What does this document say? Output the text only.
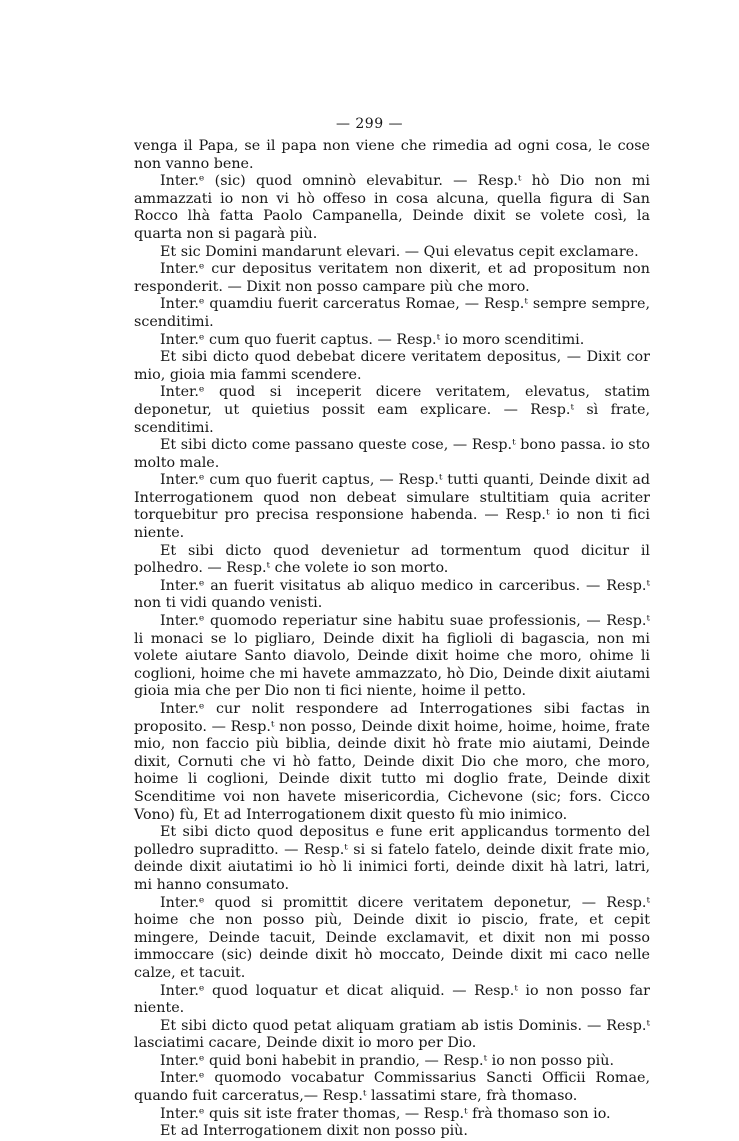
— 299 —

venga il Papa, se il papa non viene che rimedia ad ogni cosa, le cose non vanno bene.

Inter.ᵉ (sic) quod omninò elevabitur. — Resp.ᵗ hò Dio non mi ammazzati io non vi hò offeso in cosa alcuna, quella figura di San Rocco lhà fatta Paolo Campanella, Deinde dixit se volete così, la quarta non si pagarà più.

Et sic Domini mandarunt elevari. — Qui elevatus cepit exclamare.

Inter.ᵉ cur depositus veritatem non dixerit, et ad propositum non responderit. — Dixit non posso campare più che moro.

Inter.ᵉ quamdiu fuerit carceratus Romae, — Resp.ᵗ sempre sempre, scenditimi.

Inter.ᵉ cum quo fuerit captus. — Resp.ᵗ io moro scenditimi.

Et sibi dicto quod debebat dicere veritatem depositus, — Dixit cor mio, gioia mia fammi scendere.

Inter.ᵉ quod si inceperit dicere veritatem, elevatus, statim deponetur, ut quietius possit eam explicare. — Resp.ᵗ sì frate, scenditimi.

Et sibi dicto come passano queste cose, — Resp.ᵗ bono passa. io sto molto male.

Inter.ᵉ cum quo fuerit captus, — Resp.ᵗ tutti quanti, Deinde dixit ad Interrogationem quod non debeat simulare stultitiam quia acriter torquebitur pro precisa responsione habenda. — Resp.ᵗ io non ti fici niente.

Et sibi dicto quod devenietur ad tormentum quod dicitur il polhedro. — Resp.ᵗ che volete io son morto.

Inter.ᵉ an fuerit visitatus ab aliquo medico in carceribus. — Resp.ᵗ non ti vidi quando venisti.

Inter.ᵉ quomodo reperiatur sine habitu suae professionis, — Resp.ᵗ li monaci se lo pigliaro, Deinde dixit ha figlioli di bagascia, non mi volete aiutare Santo diavolo, Deinde dixit hoime che moro, ohime li coglioni, hoime che mi havete ammazzato, hò Dio, Deinde dixit aiutami gioia mia che per Dio non ti fici niente, hoime il petto.

Inter.ᵉ cur nolit respondere ad Interrogationes sibi factas in proposito. — Resp.ᵗ non posso, Deinde dixit hoime, hoime, hoime, frate mio, non faccio più biblia, deinde dixit hò frate mio aiutami, Deinde dixit, Cornuti che vi hò fatto, Deinde dixit Dio che moro, che moro, hoime li coglioni, Deinde dixit tutto mi doglio frate, Deinde dixit Scenditime voi non havete misericordia, Cichevone (sic; fors. Cicco Vono) fù, Et ad Interrogationem dixit questo fù mio inimico.

Et sibi dicto quod depositus e fune erit applicandus tormento del polledro supraditto. — Resp.ᵗ si si fatelo fatelo, deinde dixit frate mio, deinde dixit aiutatimi io hò li inimici forti, deinde dixit hà latri, latri, mi hanno consumato.

Inter.ᵉ quod si promittit dicere veritatem deponetur, — Resp.ᵗ hoime che non posso più, Deinde dixit io piscio, frate, et cepit mingere, Deinde tacuit, Deinde exclamavit, et dixit non mi posso immoccare (sic) deinde dixit hò moccato, Deinde dixit mi caco nelle calze, et tacuit.

Inter.ᵉ quod loquatur et dicat aliquid. — Resp.ᵗ io non posso far niente.

Et sibi dicto quod petat aliquam gratiam ab istis Dominis. — Resp.ᵗ lasciatimi cacare, Deinde dixit io moro per Dio.

Inter.ᵉ quid boni habebit in prandio, — Resp.ᵗ io non posso più.

Inter.ᵉ quomodo vocabatur Commissarius Sancti Officii Romae, quando fuit carceratus,— Resp.ᵗ lassatimi stare, frà thomaso.

Inter.ᵉ quis sit iste frater thomas, — Resp.ᵗ frà thomaso son io.

Et ad Interrogationem dixit non posso più.
